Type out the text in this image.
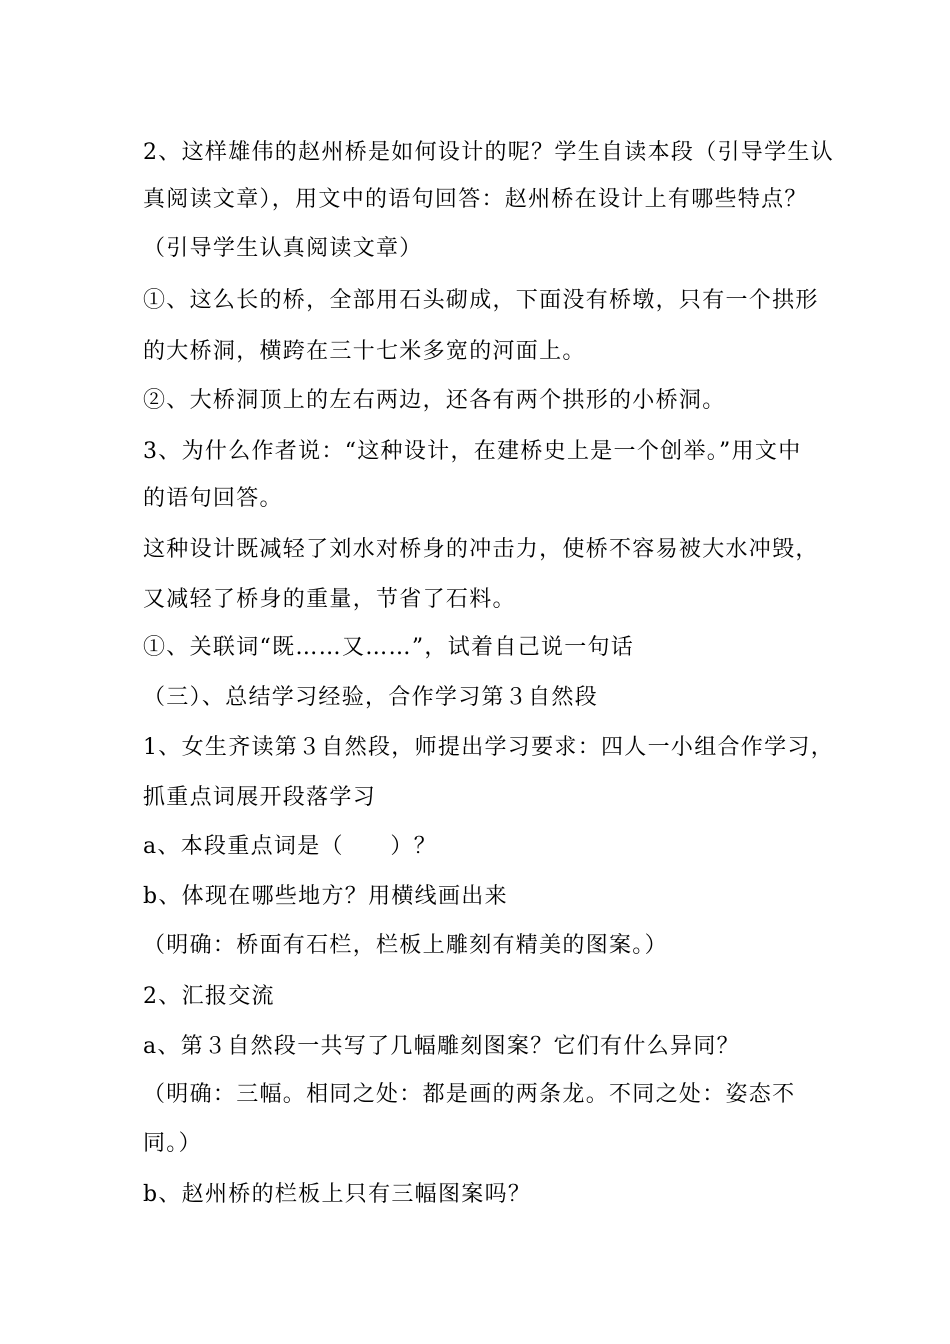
2、这样雄伟的赵州桥是如何设计的呢？学生自读本段（引导学生认
真阅读文章），用文中的语句回答：赵州桥在设计上有哪些特点？
（引导学生认真阅读文章）
①、这么长的桥，全部用石头砌成，下面没有桥墩，只有一个拱形
的大桥洞，横跨在三十七米多宽的河面上。
②、大桥洞顶上的左右两边，还各有两个拱形的小桥洞。
3、为什么作者说：“这种设计，在建桥史上是一个创举。”用文中
的语句回答。
这种设计既减轻了刘水对桥身的冲击力，使桥不容易被大水冲毁，
又减轻了桥身的重量，节省了石料。
①、关联词“既……又……”，试着自己说一句话
（三）、总结学习经验，合作学习第３自然段
1、女生齐读第３自然段，师提出学习要求：四人一小组合作学习，
抓重点词展开段落学习
a、本段重点词是（　　）？
b、体现在哪些地方？用横线画出来
（明确：桥面有石栏，栏板上雕刻有精美的图案。）
2、汇报交流
a、第３自然段一共写了几幅雕刻图案？它们有什么异同？
（明确：三幅。相同之处：都是画的两条龙。不同之处：姿态不
同。）
b、赵州桥的栏板上只有三幅图案吗？
